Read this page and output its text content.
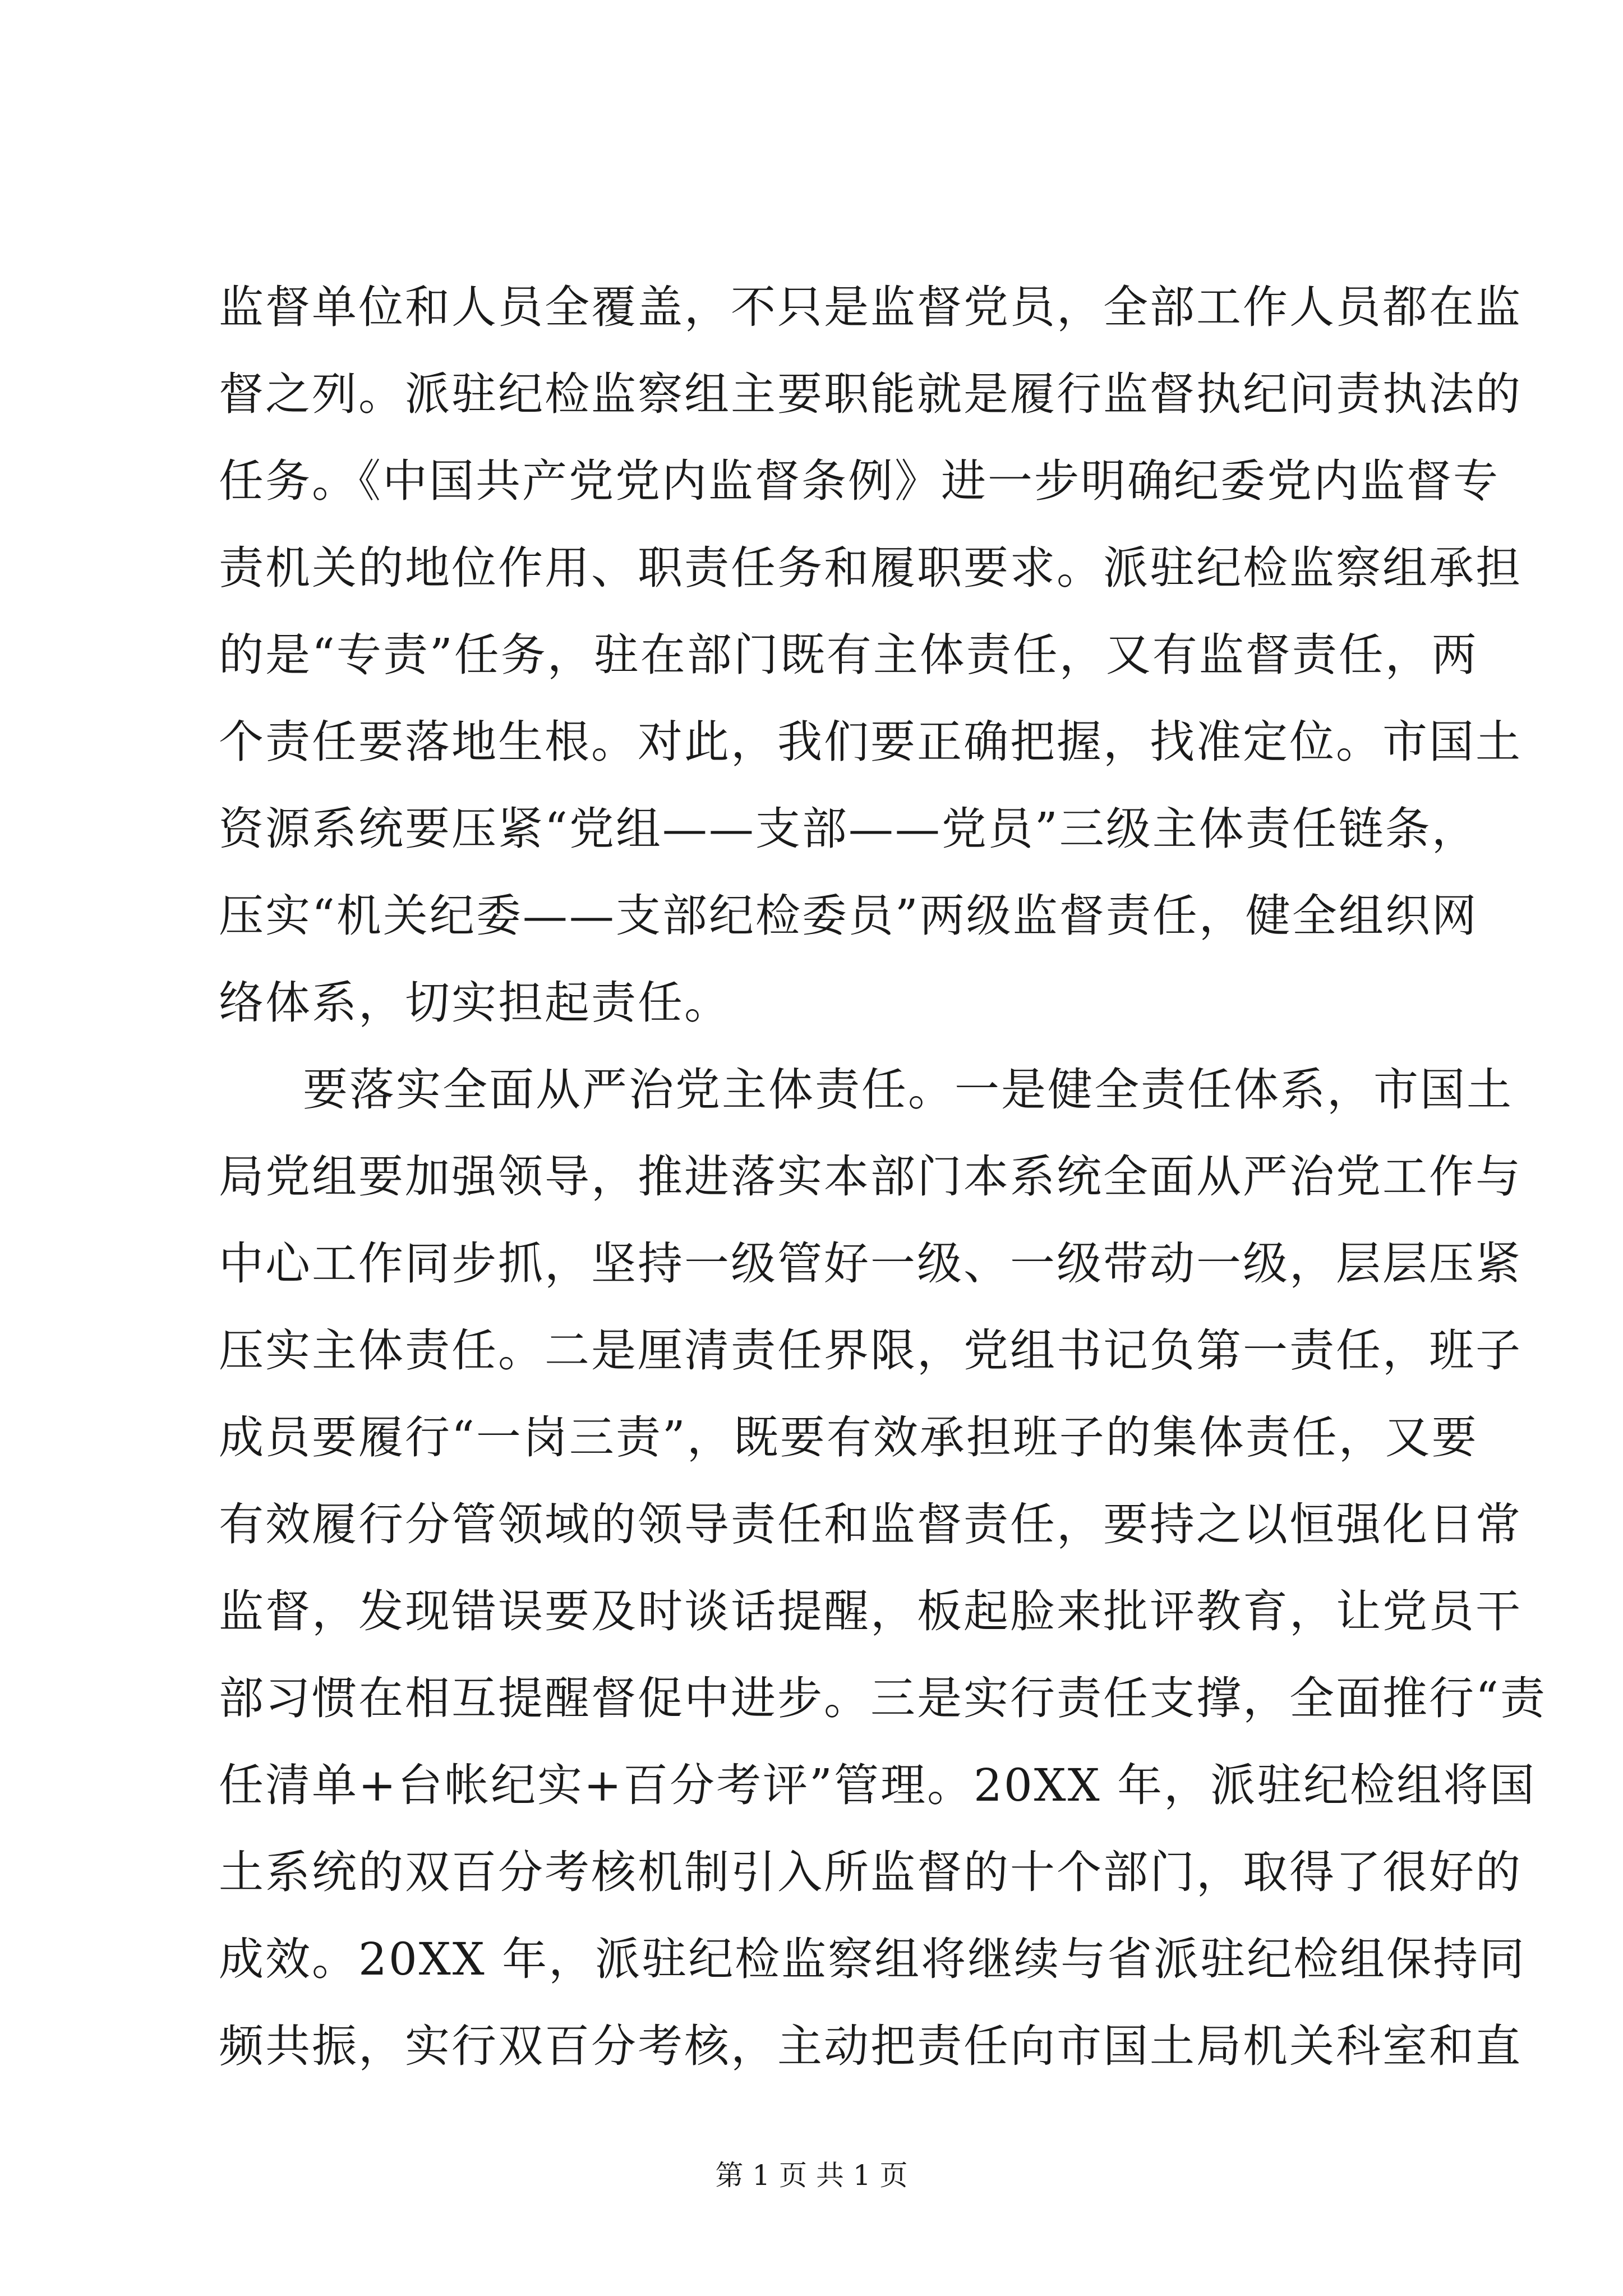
监督单位和人员全覆盖，不只是监督党员，全部工作人员都在监
督之列。派驻纪检监察组主要职能就是履行监督执纪问责执法的
任务。《中国共产党党内监督条例》进一步明确纪委党内监督专
责机关的地位作用、职责任务和履职要求。派驻纪检监察组承担
的是“专责”任务，驻在部门既有主体责任，又有监督责任，两
个责任要落地生根。对此，我们要正确把握，找准定位。市国土
资源系统要压紧“党组——支部——党员”三级主体责任链条，
压实“机关纪委——支部纪检委员”两级监督责任，健全组织网
络体系，切实担起责任。
要落实全面从严治党主体责任。一是健全责任体系，市国土
局党组要加强领导，推进落实本部门本系统全面从严治党工作与
中心工作同步抓，坚持一级管好一级、一级带动一级，层层压紧
压实主体责任。二是厘清责任界限，党组书记负第一责任，班子
成员要履行“一岗三责”，既要有效承担班子的集体责任，又要
有效履行分管领域的领导责任和监督责任，要持之以恒强化日常
监督，发现错误要及时谈话提醒，板起脸来批评教育，让党员干
部习惯在相互提醒督促中进步。三是实行责任支撑，全面推行“责
任清单+台帐纪实+百分考评”管理。20XX 年，派驻纪检组将国
土系统的双百分考核机制引入所监督的十个部门，取得了很好的
成效。20XX 年，派驻纪检监察组将继续与省派驻纪检组保持同
频共振，实行双百分考核，主动把责任向市国土局机关科室和直
第 1 页 共 1 页
